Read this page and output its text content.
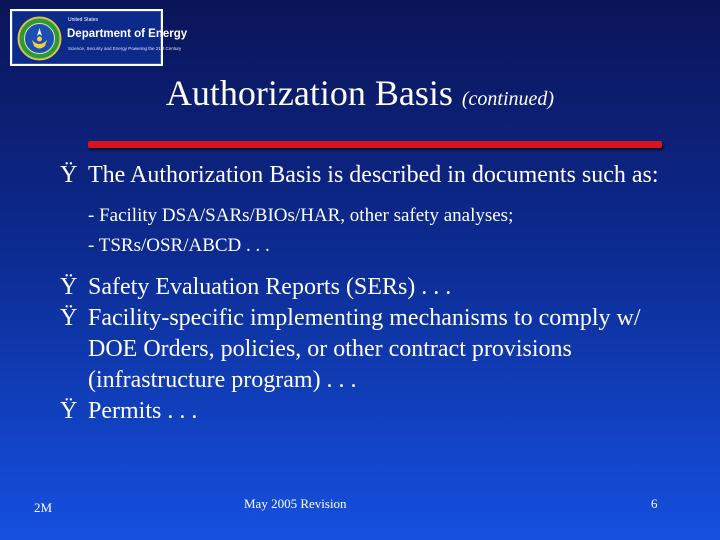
United States
Department of Energy
Science, Security and Energy Powering the 21st Century
Authorization Basis (continued)
Ÿ The Authorization Basis is described in documents such as:
- Facility DSA/SARs/BIOs/HAR, other safety analyses;
- TSRs/OSR/ABCD . . .
Ÿ Safety Evaluation Reports (SERs) . . .
Ÿ Facility-specific implementing mechanisms to comply w/ DOE Orders, policies, or other contract provisions (infrastructure program) . . .
Ÿ Permits . . .
2M	May 2005 Revision	6
